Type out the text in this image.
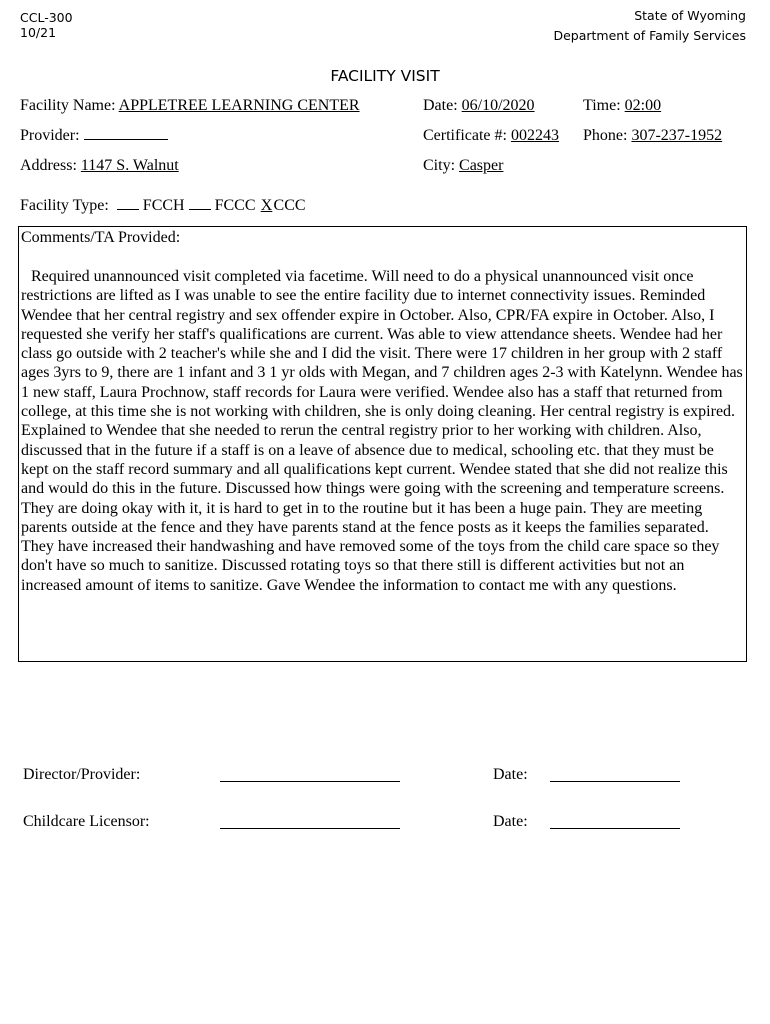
CCL-300
10/21
State of Wyoming
Department of Family Services
FACILITY VISIT
Facility Name: APPLETREE LEARNING CENTER	Date: 06/10/2020	Time: 02:00
Provider:	Certificate #: 002243 Phone: 307-237-1952
Address: 1147 S. Walnut	City: Casper
Facility Type: FCCH FCCC XCCC
Comments/TA Provided:
Required unannounced visit completed via facetime. Will need to do a physical unannounced visit once restrictions are lifted as I was unable to see the entire facility due to internet connectivity issues. Reminded Wendee that her central registry and sex offender expire in October. Also, CPR/FA expire in October. Also, I requested she verify her staff's qualifications are current. Was able to view attendance sheets. Wendee had her class go outside with 2 teacher's while she and I did the visit. There were 17 children in her group with 2 staff ages 3yrs to 9, there are 1 infant and 3 1 yr olds with Megan, and 7 children ages 2-3 with Katelynn. Wendee has 1 new staff, Laura Prochnow, staff records for Laura were verified. Wendee also has a staff that returned from college, at this time she is not working with children, she is only doing cleaning. Her central registry is expired. Explained to Wendee that she needed to rerun the central registry prior to her working with children. Also, discussed that in the future if a staff is on a leave of absence due to medical, schooling etc. that they must be kept on the staff record summary and all qualifications kept current. Wendee stated that she did not realize this and would do this in the future. Discussed how things were going with the screening and temperature screens. They are doing okay with it, it is hard to get in to the routine but it has been a huge pain. They are meeting parents outside at the fence and they have parents stand at the fence posts as it keeps the families separated. They have increased their handwashing and have removed some of the toys from the child care space so they don't have so much to sanitize. Discussed rotating toys so that there still is different activities but not an increased amount of items to sanitize. Gave Wendee the information to contact me with any questions.
Director/Provider:	Date:
Childcare Licensor:	Date:
